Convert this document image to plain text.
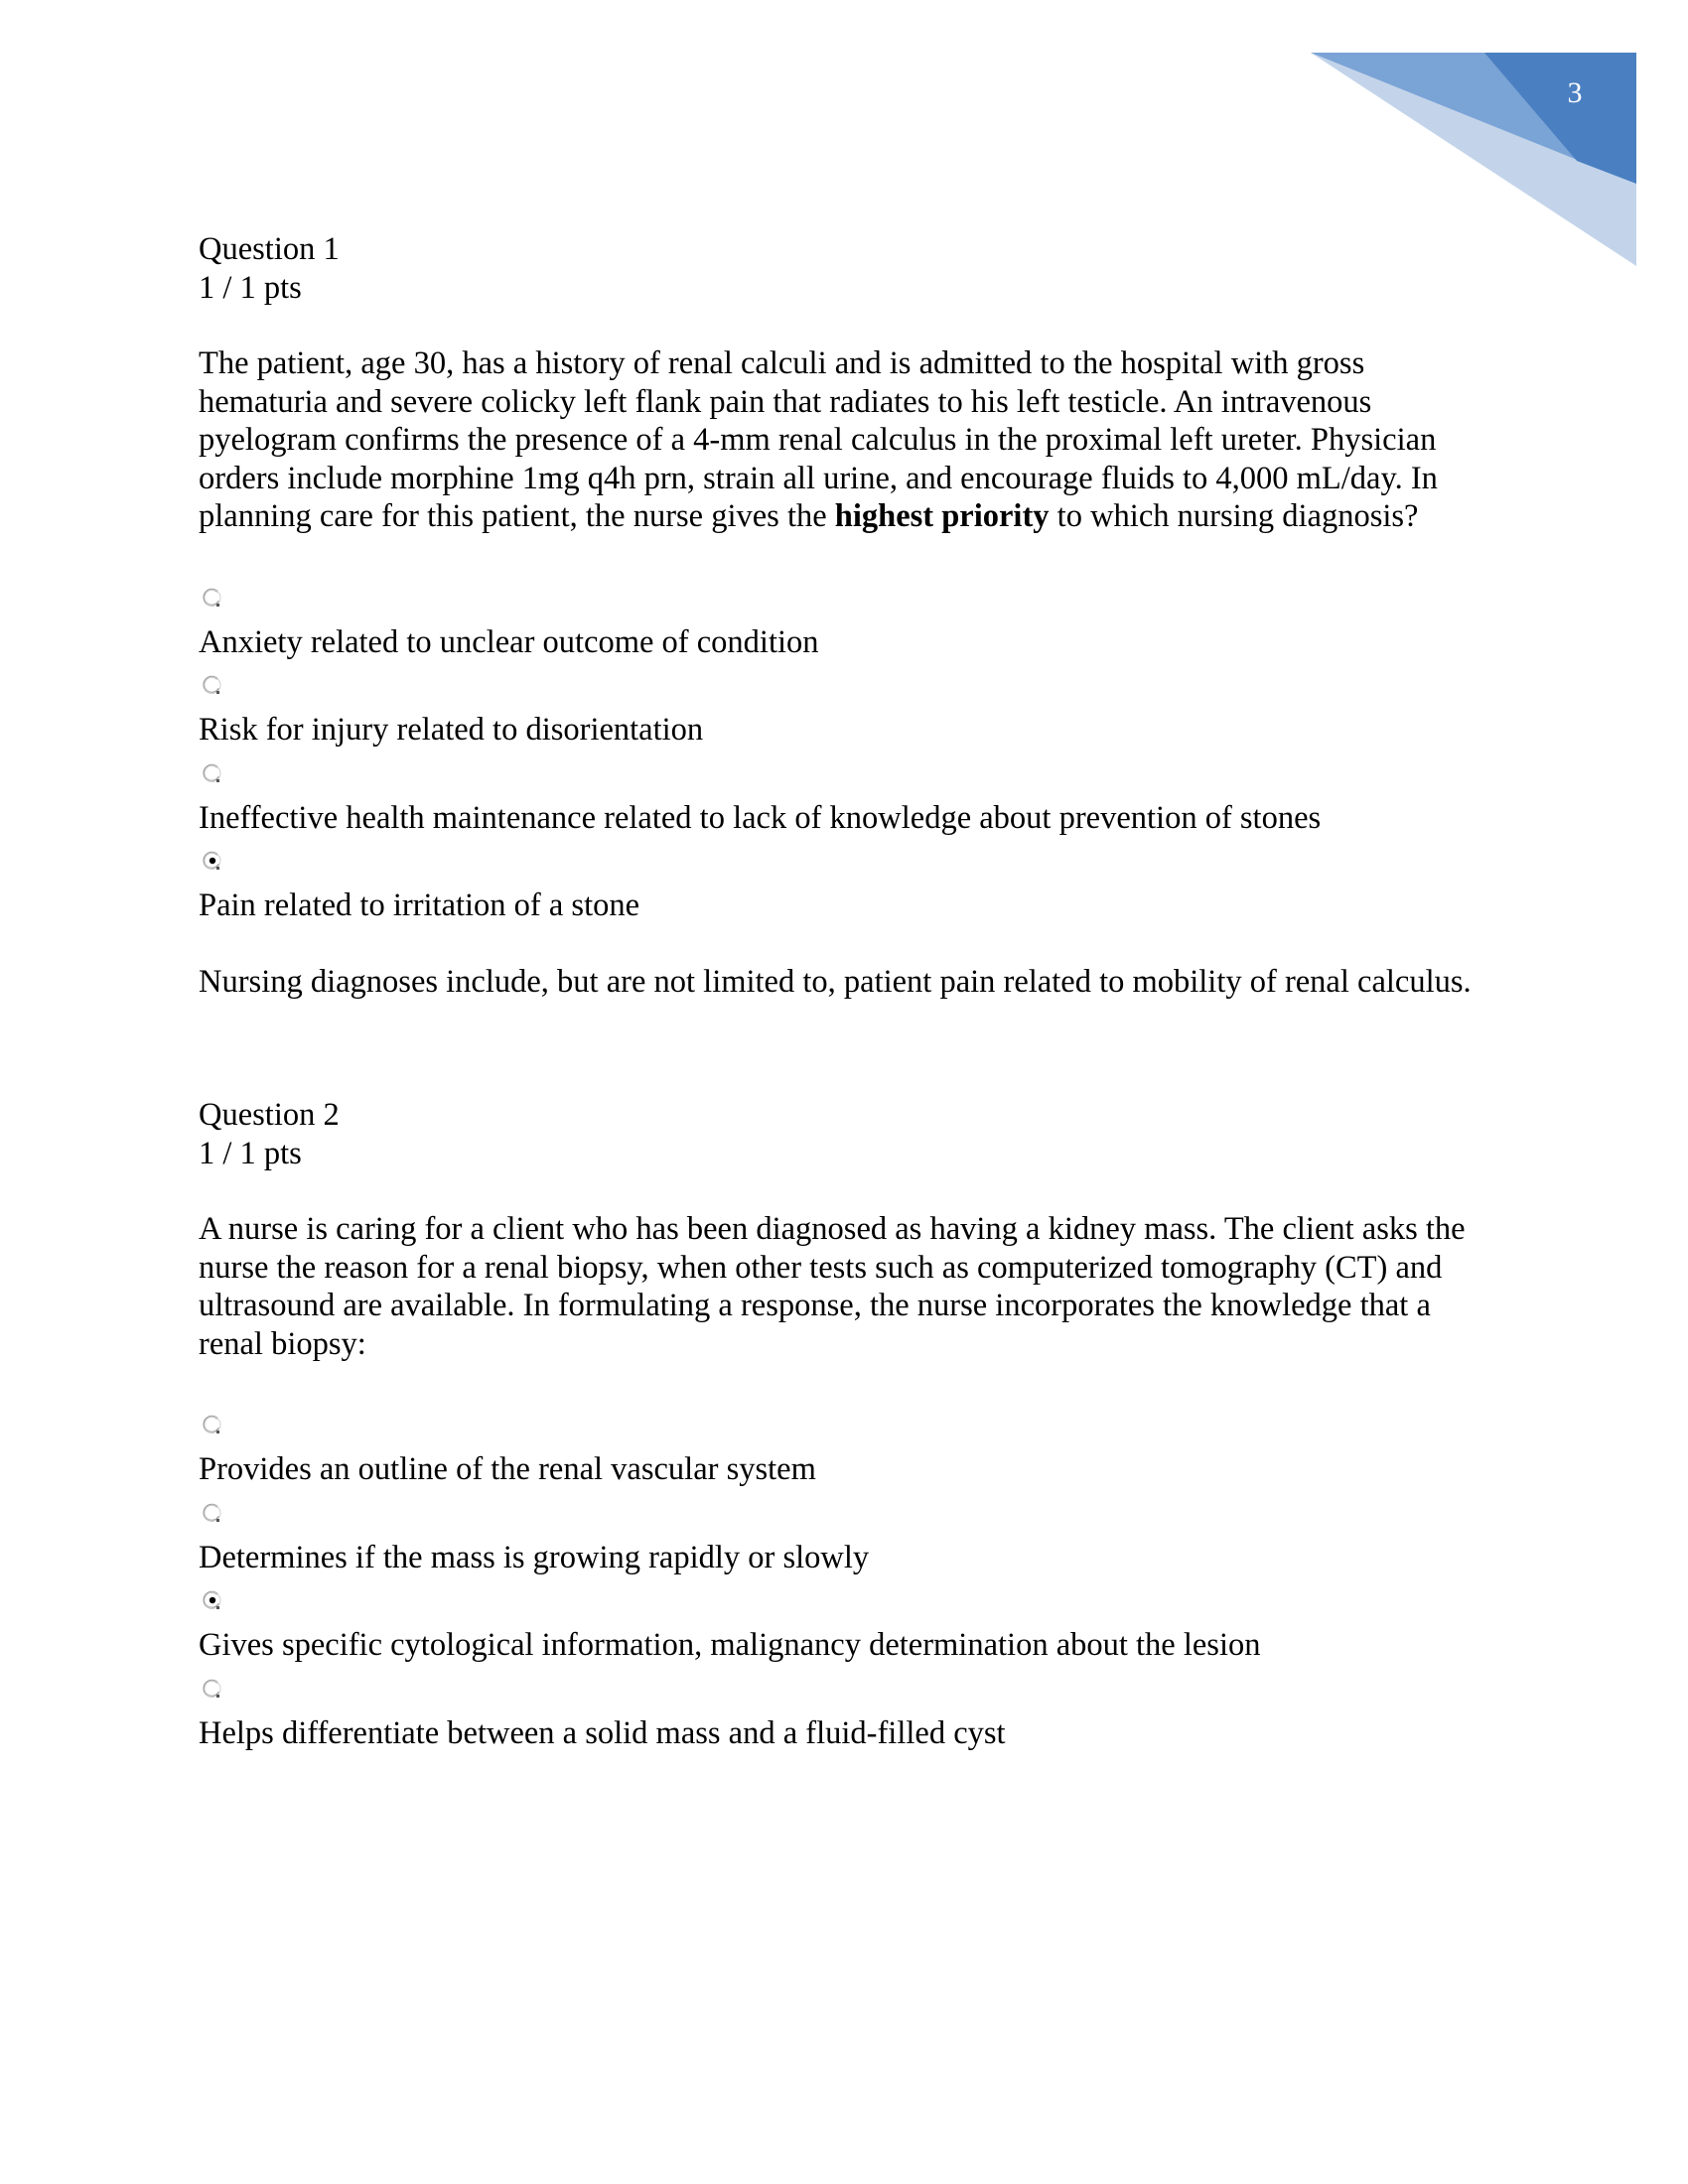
3

Question 1

1 / 1 pts

The patient, age 30, has a history of renal calculi and is admitted to the hospital with gross hematuria and severe colicky left flank pain that radiates to his left testicle. An intravenous pyelogram confirms the presence of a 4-mm renal calculus in the proximal left ureter. Physician orders include morphine 1mg q4h prn, strain all urine, and encourage fluids to 4,000 mL/day. In planning care for this patient, the nurse gives the highest priority to which nursing diagnosis?

Anxiety related to unclear outcome of condition

Risk for injury related to disorientation

Ineffective health maintenance related to lack of knowledge about prevention of stones

Pain related to irritation of a stone

Nursing diagnoses include, but are not limited to, patient pain related to mobility of renal calculus.

Question 2

1 / 1 pts

A nurse is caring for a client who has been diagnosed as having a kidney mass. The client asks the nurse the reason for a renal biopsy, when other tests such as computerized tomography (CT) and ultrasound are available. In formulating a response, the nurse incorporates the knowledge that a renal biopsy:

Provides an outline of the renal vascular system

Determines if the mass is growing rapidly or slowly

Gives specific cytological information, malignancy determination about the lesion

Helps differentiate between a solid mass and a fluid-filled cyst
